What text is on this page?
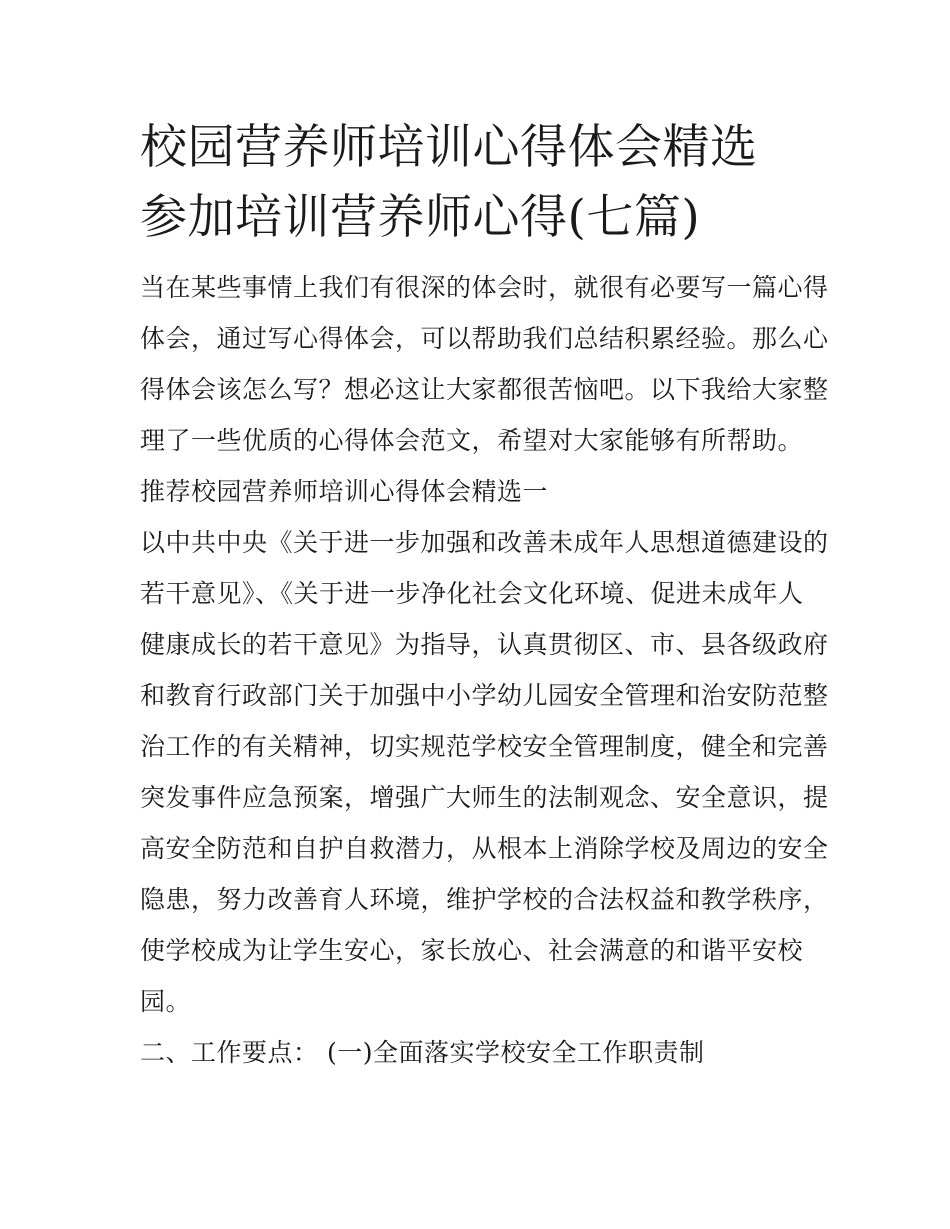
校园营养师培训心得体会精选
参加培训营养师心得(七篇)
当在某些事情上我们有很深的体会时，就很有必要写一篇心得
体会，通过写心得体会，可以帮助我们总结积累经验。那么心
得体会该怎么写？想必这让大家都很苦恼吧。以下我给大家整
理了一些优质的心得体会范文，希望对大家能够有所帮助。
推荐校园营养师培训心得体会精选一
以中共中央《关于进一步加强和改善未成年人思想道德建设的
若干意见》、《关于进一步净化社会文化环境、促进未成年人
健康成长的若干意见》为指导，认真贯彻区、市、县各级政府
和教育行政部门关于加强中小学幼儿园安全管理和治安防范整
治工作的有关精神，切实规范学校安全管理制度，健全和完善
突发事件应急预案，增强广大师生的法制观念、安全意识，提
高安全防范和自护自救潜力，从根本上消除学校及周边的安全
隐患，努力改善育人环境，维护学校的合法权益和教学秩序，
使学校成为让学生安心，家长放心、社会满意的和谐平安校
园。
二、工作要点： (一)全面落实学校安全工作职责制
